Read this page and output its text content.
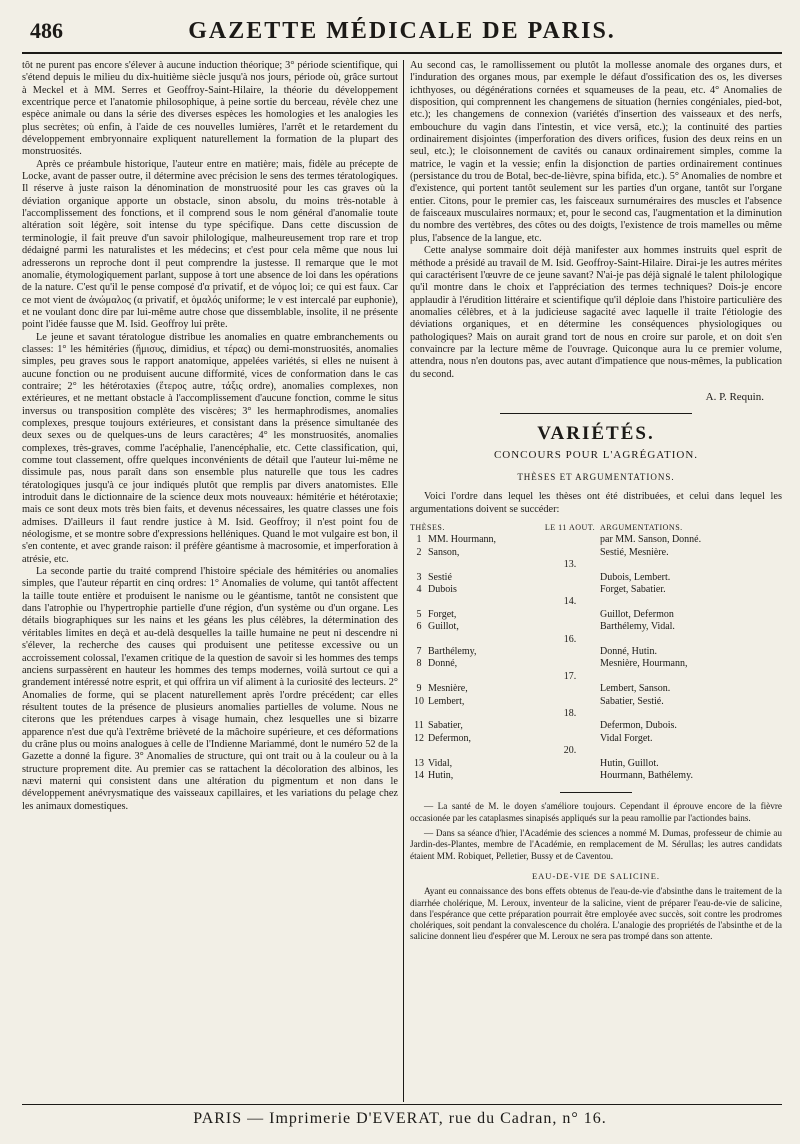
486	GAZETTE MÉDICALE DE PARIS.

tôt ne purent pas encore s'élever à aucune induction théorique; 3° période scientifique, qui s'étend depuis le milieu du dix-huitième siècle jusqu'à nos jours, période où, grâce surtout à Meckel et à MM. Serres et Geoffroy-Saint-Hilaire, la théorie du développement excentrique perce et l'anatomie philosophique, à peine sortie du berceau, révèle chez une espèce animale ou dans la série des diverses espèces les homologies et les analogies les plus secrètes; où enfin, à l'aide de ces nouvelles lumières, l'arrêt et le retardement du développement embryonnaire expliquent naturellement la formation de la plupart des monstruosités.

Après ce préambule historique, l'auteur entre en matière; mais, fidèle au précepte de Locke, avant de passer outre, il détermine avec précision le sens des termes tératologiques. Il réserve à juste raison la dénomination de monstruosité pour les cas graves où la déviation organique apporte un obstacle, sinon absolu, du moins très-notable à l'accomplissement des fonctions, et il comprend sous le nom général d'anomalie toute altération soit légère, soit intense du type spécifique. Dans cette discussion de terminologie, il fait preuve d'un savoir philologique, malheureusement trop rare et trop dédaigné parmi les naturalistes et les médecins; et c'est pour cela même que nous lui adresserons un reproche dont il peut comprendre la justesse. Il remarque que le mot anomalie, étymologiquement parlant, suppose à tort une absence de loi dans les opérations de la nature. C'est qu'il le pense composé d'α privatif, et de νόμος loi; ce qui est faux. Car ce mot vient de ἀνώμαλος (α privatif, et ὁμαλός uniforme; le ν est intercalé par euphonie), et ne voulant donc dire par lui-même autre chose que dissemblable, insolite, il ne présente point l'idée fausse que M. Isid. Geoffroy lui prête.

Le jeune et savant tératologue distribue les anomalies en quatre embranchements ou classes: 1° les hémitéries (ἥμισυς, dimidius, et τέρας) ou demi-monstruosités, anomalies simples, peu graves sous le rapport anatomique, appelées variétés, si elles ne nuisent à aucune fonction ou ne produisent aucune difformité, vices de conformation dans le cas contraire; 2° les hétérotaxies (ἕτερος autre, τάξις ordre), anomalies complexes, non extérieures, et ne mettant obstacle à l'accomplissement d'aucune fonction, comme le situs inversus ou transposition complète des viscères; 3° les hermaphrodismes, anomalies complexes, presque toujours extérieures, et consistant dans la présence simultanée des deux sexes ou de quelques-uns de leurs caractères; 4° les monstruosités, anomalies complexes, très-graves, comme l'acéphalie, l'anencéphalie, etc. Cette classification, qui, comme tout classement, offre quelques inconvénients de détail que l'auteur lui-même ne dissimule pas, nous paraît dans son ensemble plus naturelle que tous les cadres tératologiques jusqu'à ce jour indiqués plutôt que remplis par divers anatomistes. Elle introduit dans le dictionnaire de la science deux mots nouveaux: hémitérie et hétérotaxie; mais ce sont deux mots très bien faits, et devenus nécessaires, les quatre classes une fois admises. D'ailleurs il faut rendre justice à M. Isid. Geoffroy; il n'est point fou de néologisme, et se montre sobre d'expressions helléniques. Quand le mot vulgaire est bon, il s'en contente, et avec grande raison: il préfère géantisme à macrosomie, et imperforation à atrésie, etc.

La seconde partie du traité comprend l'histoire spéciale des hémitéries ou anomalies simples, que l'auteur répartit en cinq ordres: 1° Anomalies de volume, qui tantôt affectent la taille toute entière et produisent le nanisme ou le géantisme, tantôt ne consistent que dans l'atrophie ou l'hypertrophie partielle d'une région, d'un système ou d'un organe. Les détails biographiques sur les nains et les géans les plus célèbres, la détermination des véritables limites en deçà et au-delà desquelles la taille humaine ne peut ni descendre ni s'élever, la recherche des causes qui produisent une petitesse excessive ou un accroissement colossal, l'examen critique de la question de savoir si les hommes des temps anciens surpassèrent en hauteur les hommes des temps modernes, voilà surtout ce qui a grandement intéressé notre esprit, et qui offrira un vif aliment à la curiosité des lecteurs. 2° Anomalies de forme, qui se placent naturellement après l'ordre précédent; car elles résultent toutes de la présence de plusieurs anomalies partielles de volume. Nous ne citerons que les prétendues carpes à visage humain, chez lesquelles une si bizarre apparence n'est due qu'à l'extrême brièveté de la mâchoire supérieure, et ces déformations du crâne plus ou moins analogues à celle de l'Indienne Mariammé, dont le numéro 52 de la Gazette a donné la figure. 3° Anomalies de structure, qui ont trait ou à la couleur ou à la structure proprement dite. Au premier cas se rattachent la décoloration des albinos, les nævi materni qui consistent dans une altération du pigmentum et non dans le développement anévrysmatique des vaisseaux capillaires, et les variations du pelage chez les animaux domestiques.

Au second cas, le ramollissement ou plutôt la mollesse anomale des organes durs, et l'induration des organes mous, par exemple le défaut d'ossification des os, les diverses ichthyoses, ou dégénérations cornées et squameuses de la peau, etc. 4° Anomalies de disposition, qui comprennent les changemens de situation (hernies congéniales, pied-bot, etc.); les changemens de connexion (variétés d'insertion des vaisseaux et des nerfs, embouchure du vagin dans l'intestin, et vice versâ, etc.); la continuité des parties ordinairement disjointes (imperforation des divers orifices, fusion des deux reins en un seul, etc.); le cloisonnement de cavités ou canaux ordinairement simples, comme la matrice, le vagin et la vessie; enfin la disjonction de parties ordinairement continues (persistance du trou de Botal, bec-de-lièvre, spina bifida, etc.). 5° Anomalies de nombre et d'existence, qui portent tantôt seulement sur les parties d'un organe, tantôt sur l'organe entier. Citons, pour le premier cas, les faisceaux surnuméraires des muscles et l'absence de faisceaux musculaires normaux; et, pour le second cas, l'augmentation et la diminution du nombre des vertèbres, des côtes ou des doigts, l'existence de trois mamelles ou même plus, l'absence de la langue, etc.

Cette analyse sommaire doit déjà manifester aux hommes instruits quel esprit de méthode a présidé au travail de M. Isid. Geoffroy-Saint-Hilaire. Dirai-je les autres mérites qui caractérisent l'œuvre de ce jeune savant? N'ai-je pas déjà signalé le talent philologique qu'il montre dans le choix et l'appréciation des termes techniques? Dois-je encore applaudir à l'érudition littéraire et scientifique qu'il déploie dans l'histoire particulière des anomalies célèbres, et à la judicieuse sagacité avec laquelle il traite l'étiologie des déviations organiques, et en détermine les conséquences physiologiques ou pathologiques? Mais on aurait grand tort de nous en croire sur parole, et on doit s'en convaincre par la lecture même de l'ouvrage. Quiconque aura lu ce premier volume, attendra, nous n'en doutons pas, avec autant d'impatience que nous-mêmes, la publication du second.

A. P. Requin.
VARIÉTÉS.
CONCOURS POUR L'AGRÉGATION.
THÈSES ET ARGUMENTATIONS.

Voici l'ordre dans lequel les thèses ont été distribuées, et celui dans lequel les argumentations doivent se succéder:

THÈSES.	LE 11 AOUT. ARGUMENTATIONS.
1 MM. Hourmann,	par MM. Sanson, Donné.
2 Sanson,	Sestié, Mesnière.
13.
3 Sestié	Dubois, Lembert.
4 Dubois	Forget, Sabatier.
14.
5 Forget,	Guillot, Defermon
6 Guillot,	Barthélemy, Vidal.
16.
7 Barthélemy,	Donné, Hutin.
8 Donné,	Mesnière, Hourmann,
17.
9 Mesnière,	Lembert, Sanson.
10 Lembert,	Sabatier, Sestié.
18.
11 Sabatier,	Defermon, Dubois.
12 Defermon,	Vidal Forget.
20.
13 Vidal,	Hutin, Guillot.
14 Hutin,	Hourmann, Bathélemy.

— La santé de M. le doyen s'améliore toujours. Cependant il éprouve encore de la fièvre occasionée par les cataplasmes sinapisés appliqués sur la peau ramollie par l'actiondes bains.

— Dans sa séance d'hier, l'Académie des sciences a nommé M. Dumas, professeur de chimie au Jardin-des-Plantes, membre de l'Académie, en remplacement de M. Sérullas; les autres candidats étaient MM. Robiquet, Pelletier, Bussy et de Caventou.

EAU-DE-VIE DE SALICINE.

Ayant eu connaissance des bons effets obtenus de l'eau-de-vie d'absinthe dans le traitement de la diarrhée cholérique, M. Leroux, inventeur de la salicine, vient de préparer l'eau-de-vie de salicine, dans l'espérance que cette préparation pourrait être employée avec succès, soit contre les prodromes cholériques, soit pendant la convalescence du choléra. L'analogie des propriétés de l'absinthe et de la salicine donnent lieu d'espérer que M. Leroux ne sera pas trompé dans son attente.

PARIS — Imprimerie D'EVERAT, rue du Cadran, n° 16.
